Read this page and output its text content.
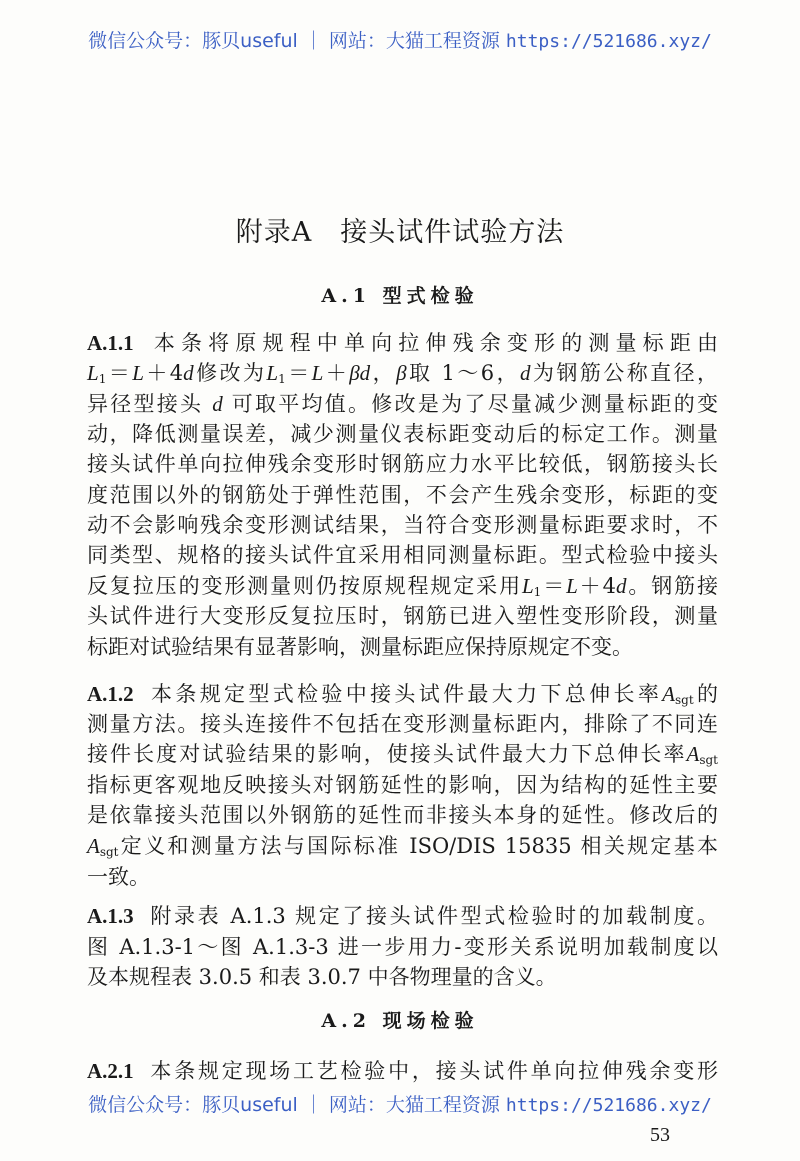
微信公众号：豚贝useful ｜ 网站：大猫工程资源 https://521686.xyz/
附录A　接头试件试验方法
A.1 型式检验
A.1.1 本条将原规程中单向拉伸残余变形的测量标距由
$L_1=L+4d$修改为$L_1=L+\beta d$，β取 1～6，d为钢筋公称直径，
异径型接头 d 可取平均值。修改是为了尽量减少测量标距的变
动，降低测量误差，减少测量仪表标距变动后的标定工作。测量
接头试件单向拉伸残余变形时钢筋应力水平比较低，钢筋接头长
度范围以外的钢筋处于弹性范围，不会产生残余变形，标距的变
动不会影响残余变形测试结果，当符合变形测量标距要求时，不
同类型、规格的接头试件宜采用相同测量标距。型式检验中接头
反复拉压的变形测量则仍按原规程规定采用$L_1=L+4d$。钢筋接
头试件进行大变形反复拉压时，钢筋已进入塑性变形阶段，测量
标距对试验结果有显著影响，测量标距应保持原规定不变。
A.1.2 本条规定型式检验中接头试件最大力下总伸长率$A_{sgt}$的
测量方法。接头连接件不包括在变形测量标距内，排除了不同连
接件长度对试验结果的影响，使接头试件最大力下总伸长率$A_{sgt}$
指标更客观地反映接头对钢筋延性的影响，因为结构的延性主要
是依靠接头范围以外钢筋的延性而非接头本身的延性。修改后的
$A_{sgt}$定义和测量方法与国际标准 ISO/DIS 15835 相关规定基本
一致。
A.1.3 附录表 A.1.3 规定了接头试件型式检验时的加载制度。
图 A.1.3-1～图 A.1.3-3 进一步用力-变形关系说明加载制度以
及本规程表 3.0.5 和表 3.0.7 中各物理量的含义。
A.2.1 本条规定现场工艺检验中，接头试件单向拉伸残余变形
A.2 现场检验
微信公众号：豚贝useful ｜ 网站：大猫工程资源 https://521686.xyz/
53
